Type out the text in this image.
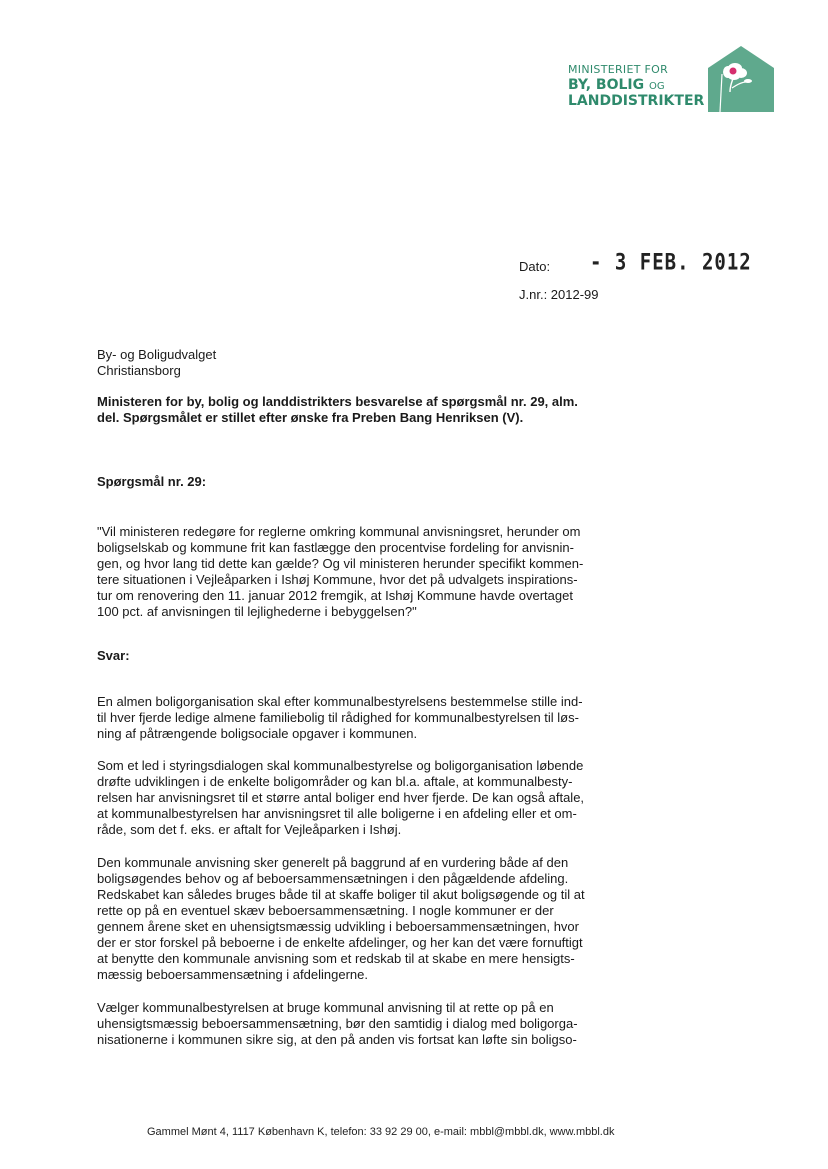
MINISTERIET FOR
BY, BOLIG OG
LANDDISTRIKTER
Dato: - 3 FEB. 2012
J.nr.: 2012-99
By- og Boligudvalget
Christiansborg
Ministeren for by, bolig og landdistrikters besvarelse af spørgsmål nr. 29, alm.
del. Spørgsmålet er stillet efter ønske fra Preben Bang Henriksen (V).
Spørgsmål nr. 29:
"Vil ministeren redegøre for reglerne omkring kommunal anvisningsret, herunder om
boligselskab og kommune frit kan fastlægge den procentvise fordeling for anvisnin-
gen, og hvor lang tid dette kan gælde? Og vil ministeren herunder specifikt kommen-
tere situationen i Vejleåparken i Ishøj Kommune, hvor det på udvalgets inspirations-
tur om renovering den 11. januar 2012 fremgik, at Ishøj Kommune havde overtaget
100 pct. af anvisningen til lejlighederne i bebyggelsen?"
Svar:
En almen boligorganisation skal efter kommunalbestyrelsens bestemmelse stille ind-
til hver fjerde ledige almene familiebolig til rådighed for kommunalbestyrelsen til løs-
ning af påtrængende boligsociale opgaver i kommunen.
Som et led i styringsdialogen skal kommunalbestyrelse og boligorganisation løbende
drøfte udviklingen i de enkelte boligområder og kan bl.a. aftale, at kommunalbesty-
relsen har anvisningsret til et større antal boliger end hver fjerde. De kan også aftale,
at kommunalbestyrelsen har anvisningsret til alle boligerne i en afdeling eller et om-
råde, som det f. eks. er aftalt for Vejleåparken i Ishøj.
Den kommunale anvisning sker generelt på baggrund af en vurdering både af den
boligsøgendes behov og af beboersammensætningen i den pågældende afdeling.
Redskabet kan således bruges både til at skaffe boliger til akut boligsøgende og til at
rette op på en eventuel skæv beboersammensætning. I nogle kommuner er der
gennem årene sket en uhensigtsmæssig udvikling i beboersammensætningen, hvor
der er stor forskel på beboerne i de enkelte afdelinger, og her kan det være fornuftigt
at benytte den kommunale anvisning som et redskab til at skabe en mere hensigts-
mæssig beboersammensætning i afdelingerne.
Vælger kommunalbestyrelsen at bruge kommunal anvisning til at rette op på en
uhensigtsmæssig beboersammensætning, bør den samtidig i dialog med boligorga-
nisationerne i kommunen sikre sig, at den på anden vis fortsat kan løfte sin boligso-
Gammel Mønt 4, 1117 København K, telefon: 33 92 29 00, e-mail: mbbl@mbbl.dk, www.mbbl.dk
